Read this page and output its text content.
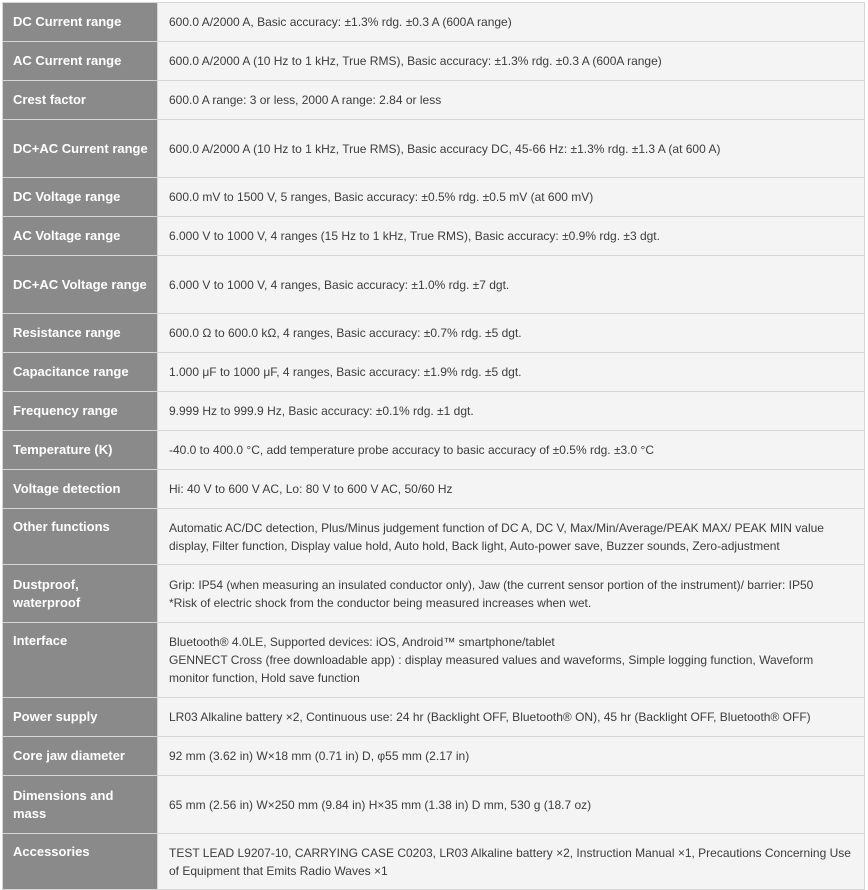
DC Current range	600.0 A/2000 A, Basic accuracy: ±1.3% rdg. ±0.3 A (600A range)

AC Current range	600.0 A/2000 A (10 Hz to 1 kHz, True RMS), Basic accuracy: ±1.3% rdg. ±0.3 A (600A range)

Crest factor	600.0 A range: 3 or less, 2000 A range: 2.84 or less

DC+AC Current range	600.0 A/2000 A (10 Hz to 1 kHz, True RMS), Basic accuracy DC, 45-66 Hz: ±1.3% rdg. ±1.3 A (at 600 A)

DC Voltage range	600.0 mV to 1500 V, 5 ranges, Basic accuracy: ±0.5% rdg. ±0.5 mV (at 600 mV)

AC Voltage range	6.000 V to 1000 V, 4 ranges (15 Hz to 1 kHz, True RMS), Basic accuracy: ±0.9% rdg. ±3 dgt.

DC+AC Voltage range	6.000 V to 1000 V, 4 ranges, Basic accuracy: ±1.0% rdg. ±7 dgt.

Resistance range	600.0 Ω to 600.0 kΩ, 4 ranges, Basic accuracy: ±0.7% rdg. ±5 dgt.

Capacitance range	1.000 μF to 1000 μF, 4 ranges, Basic accuracy: ±1.9% rdg. ±5 dgt.

Frequency range	9.999 Hz to 999.9 Hz, Basic accuracy: ±0.1% rdg. ±1 dgt.

Temperature (K)	-40.0 to 400.0 °C, add temperature probe accuracy to basic accuracy of ±0.5% rdg. ±3.0 °C

Voltage detection	Hi: 40 V to 600 V AC, Lo: 80 V to 600 V AC, 50/60 Hz

Other functions	Automatic AC/DC detection, Plus/Minus judgement function of DC A, DC V, Max/Min/Average/PEAK MAX/ PEAK MIN value display, Filter function, Display value hold, Auto hold, Back light, Auto-power save, Buzzer sounds, Zero-adjustment

Dustproof, waterproof	Grip: IP54 (when measuring an insulated conductor only), Jaw (the current sensor portion of the instrument)/ barrier: IP50
*Risk of electric shock from the conductor being measured increases when wet.

Interface	Bluetooth® 4.0LE, Supported devices: iOS, Android™ smartphone/tablet
GENNECT Cross (free downloadable app) : display measured values and waveforms, Simple logging function, Waveform monitor function, Hold save function

Power supply	LR03 Alkaline battery ×2, Continuous use: 24 hr (Backlight OFF, Bluetooth® ON), 45 hr (Backlight OFF, Bluetooth® OFF)

Core jaw diameter	92 mm (3.62 in) W×18 mm (0.71 in) D, φ55 mm (2.17 in)

Dimensions and mass	65 mm (2.56 in) W×250 mm (9.84 in) H×35 mm (1.38 in) D mm, 530 g (18.7 oz)

Accessories	TEST LEAD L9207-10, CARRYING CASE C0203, LR03 Alkaline battery ×2, Instruction Manual ×1, Precautions Concerning Use of Equipment that Emits Radio Waves ×1
